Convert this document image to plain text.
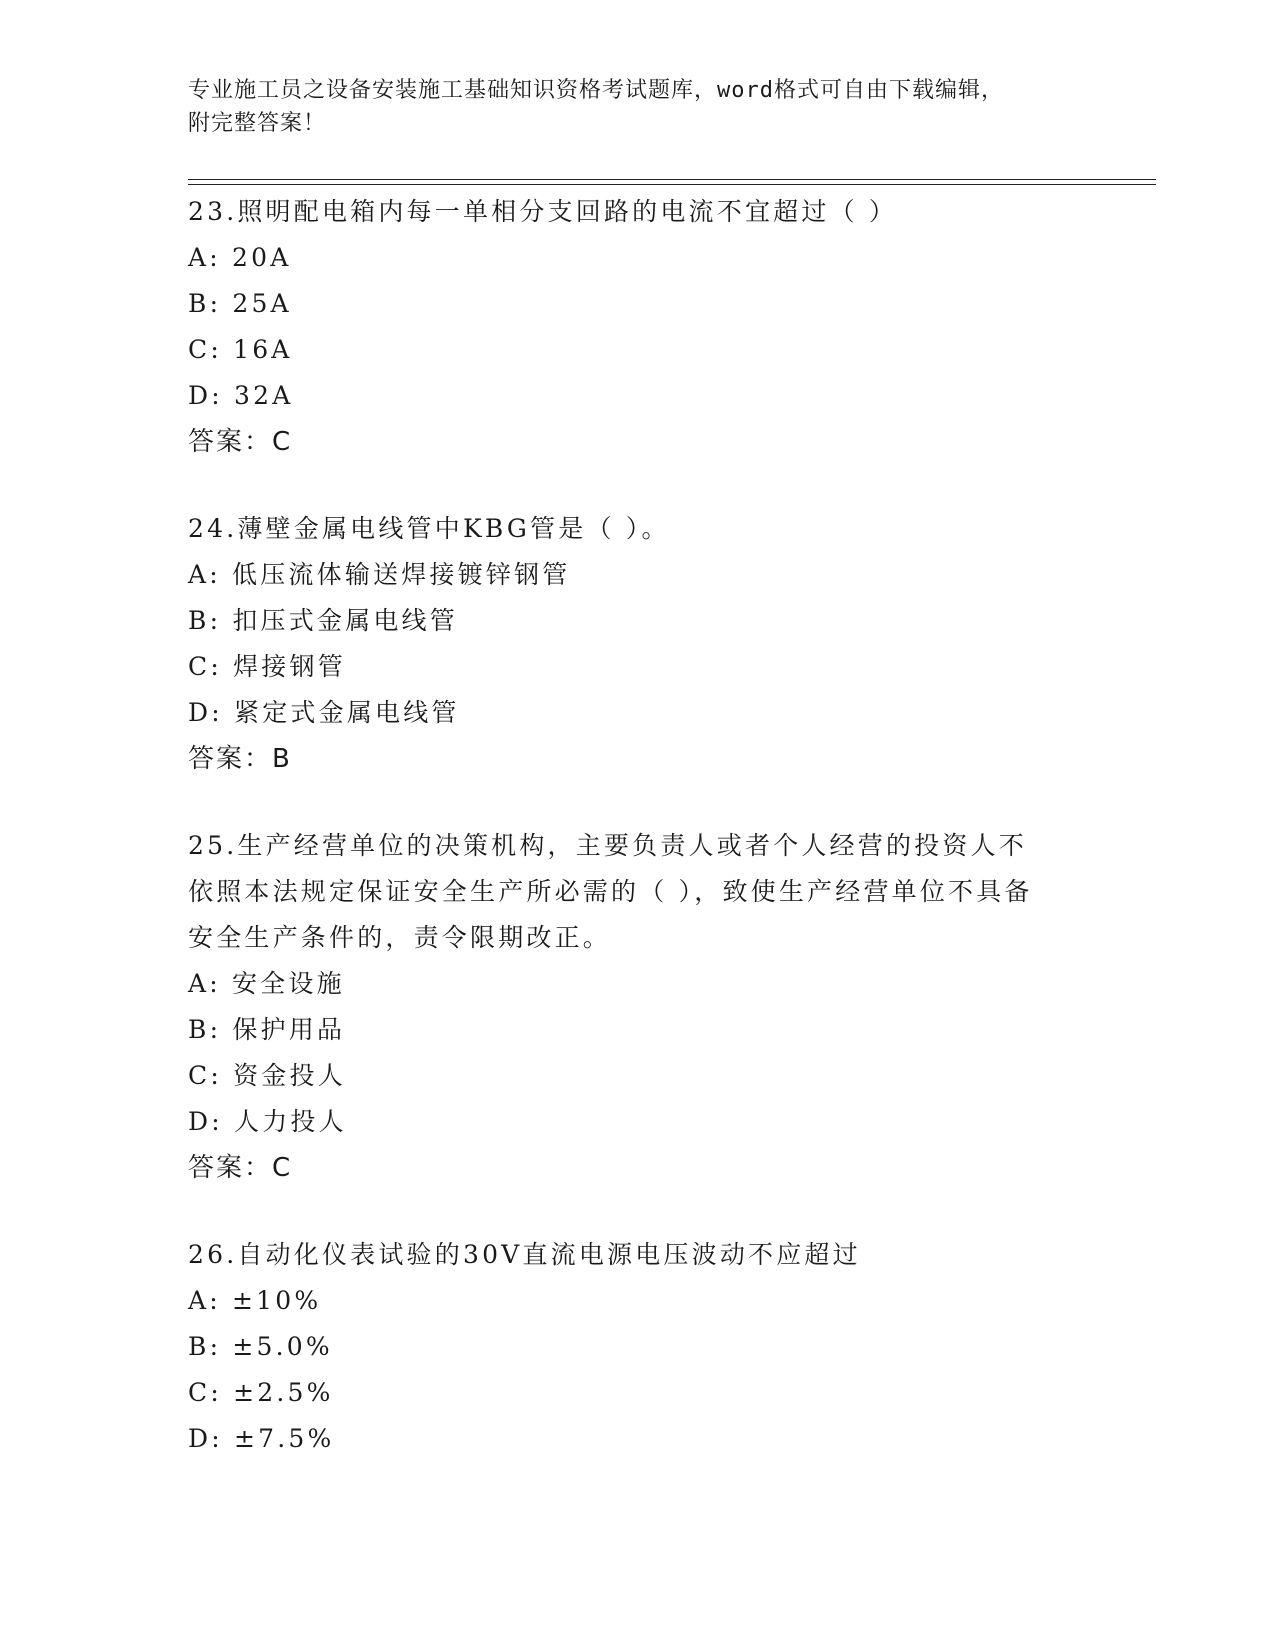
专业施工员之设备安装施工基础知识资格考试题库，word格式可自由下载编辑，
附完整答案！
23.照明配电箱内每一单相分支回路的电流不宜超过（ ）
A: 20A
B: 25A
C: 16A
D: 32A
答案：C
24.薄壁金属电线管中KBG管是（ ）。
A: 低压流体输送焊接镀锌钢管
B: 扣压式金属电线管
C: 焊接钢管
D: 紧定式金属电线管
答案：B
25.生产经营单位的决策机构，主要负责人或者个人经营的投资人不依照本法规定保证安全生产所必需的（ ），致使生产经营单位不具备安全生产条件的，责令限期改正。
A: 安全设施
B: 保护用品
C: 资金投人
D: 人力投人
答案：C
26.自动化仪表试验的30V直流电源电压波动不应超过
A: ±10%
B: ±5.0%
C: ±2.5%
D: ±7.5%
